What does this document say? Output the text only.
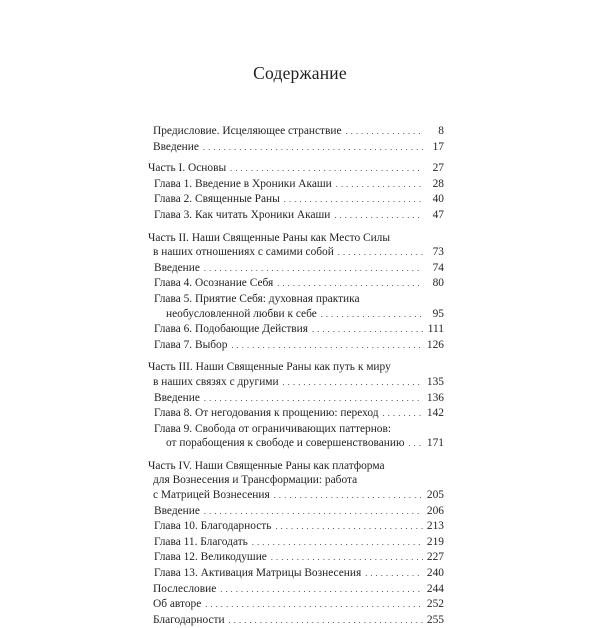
Содержание
Предисловие. Исцеляющее странствие . . .	8
Введение . . .	17
Часть I. Основы . . .	27
Глава 1. Введение в Хроники Акаши . . .	28
Глава 2. Священные Раны . . .	40
Глава 3. Как читать Хроники Акаши . . .	47
Часть II. Наши Священные Раны как Место Силы
в наших отношениях с самими собой . . .	73
Введение . . .	74
Глава 4. Осознание Себя . . .	80
Глава 5. Приятие Себя: духовная практика
необусловленной любви к себе . . .	95
Глава 6. Подобающие Действия . . .	111
Глава 7. Выбор . . .	126
Часть III. Наши Священные Раны как путь к миру
в наших связях с другими . . .	135
Введение . . .	136
Глава 8. От негодования к прощению: переход . . .	142
Глава 9. Свобода от ограничивающих паттернов:
от порабощения к свободе и совершенствованию . . . 171
Часть IV. Наши Священные Раны как платформа
для Вознесения и Трансформации: работа
с Матрицей Вознесения . . .	205
Введение . . .	206
Глава 10. Благодарность . . .	213
Глава 11. Благодать . . .	219
Глава 12. Великодушие . . .	227
Глава 13. Активация Матрицы Вознесения . . .	240
Послесловие . . .	244
Об авторе . . .	252
Благодарности . . .	255
